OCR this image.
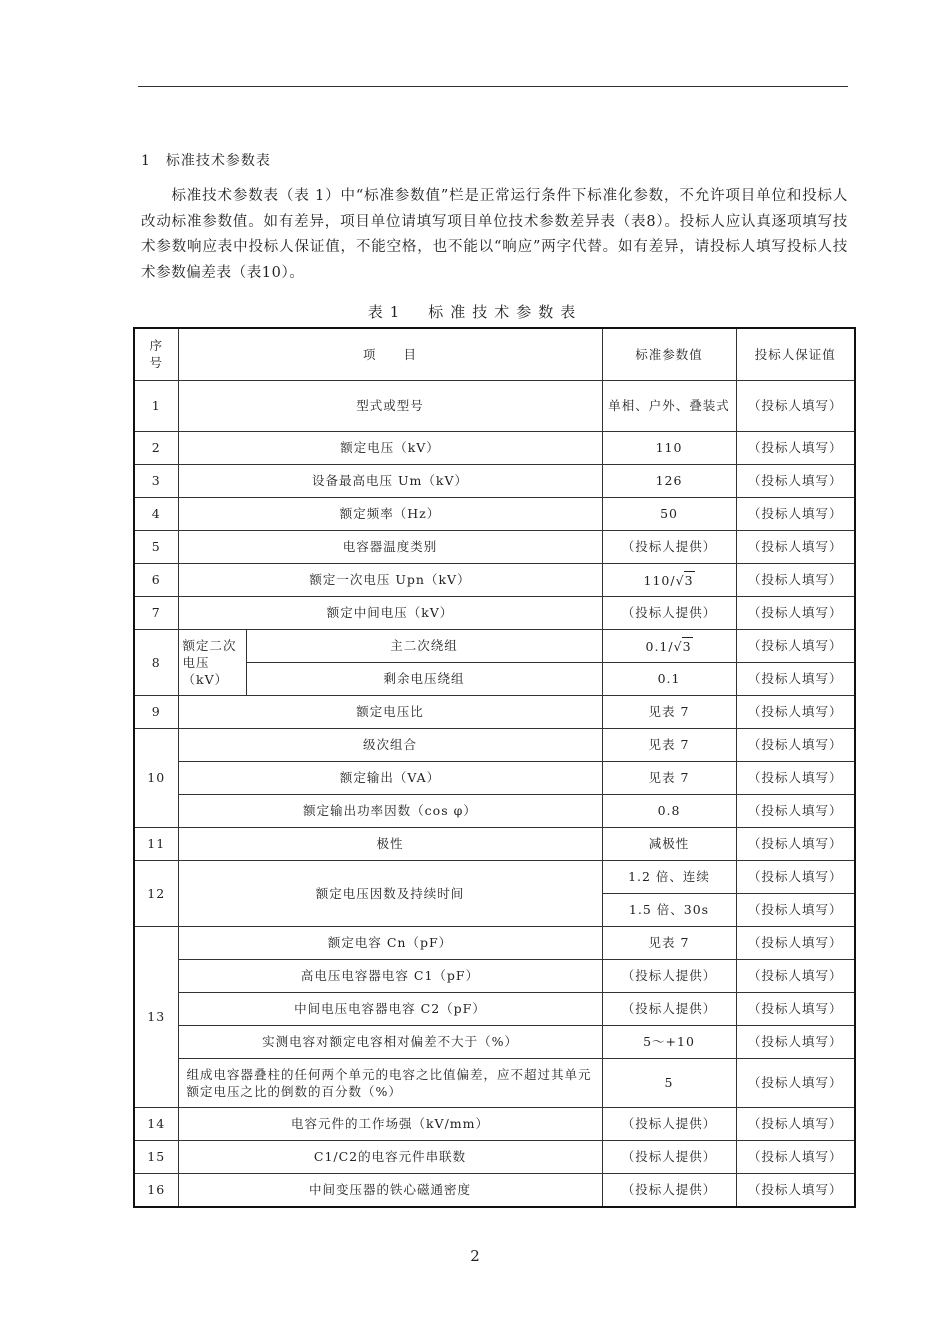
1　 标准技术参数表

标准技术参数表（表 1）中“标准参数值”栏是正常运行条件下标准化参数，不允许项目单位和投标人改动标准参数值。如有差异，项目单位请填写项目单位技术参数差异表（表8）。投标人应认真逐项填写技术参数响应表中投标人保证值，不能空格，也不能以“响应”两字代替。如有差异，请投标人填写投标人技术参数偏差表（表10）。

表1　标准技术参数表
序号	项　　目		标准参数值	投标人保证值
1	型式或型号		单相、户外、叠装式	（投标人填写）
2	额定电压（kV）		110	（投标人填写）
3	设备最高电压 Um（kV）		126	（投标人填写）
4	额定频率（Hz）		50	（投标人填写）
5	电容器温度类别		（投标人提供）	（投标人填写）
6	额定一次电压 Upn（kV）		110/√3	（投标人填写）
7	额定中间电压（kV）		（投标人提供）	（投标人填写）
8	额定二次电压（kV）	主二次绕组	0.1/√3	（投标人填写）
		剩余电压绕组	0.1	（投标人填写）
9	额定电压比		见表 7	（投标人填写）
10	级次组合		见表 7	（投标人填写）
	额定输出（VA）		见表 7	（投标人填写）
	额定输出功率因数（cos φ）		0.8	（投标人填写）
11	极性		减极性	（投标人填写）
12	额定电压因数及持续时间		1.2 倍、连续	（投标人填写）
			1.5 倍、30s	（投标人填写）
13	额定电容 Cn（pF）		见表 7	（投标人填写）
	高电压电容器电容 C1（pF）		（投标人提供）	（投标人填写）
	中间电压电容器电容 C2（pF）		（投标人提供）	（投标人填写）
	实测电容对额定电容相对偏差不大于（%）		5～+10	（投标人填写）
	组成电容器叠柱的任何两个单元的电容之比值偏差，应不超过其单元额定电压之比的倒数的百分数（%）		5	（投标人填写）
14	电容元件的工作场强（kV/mm）		（投标人提供）	（投标人填写）
15	C1/C2的电容元件串联数		（投标人提供）	（投标人填写）
16	中间变压器的铁心磁通密度		（投标人提供）	（投标人填写）
2
